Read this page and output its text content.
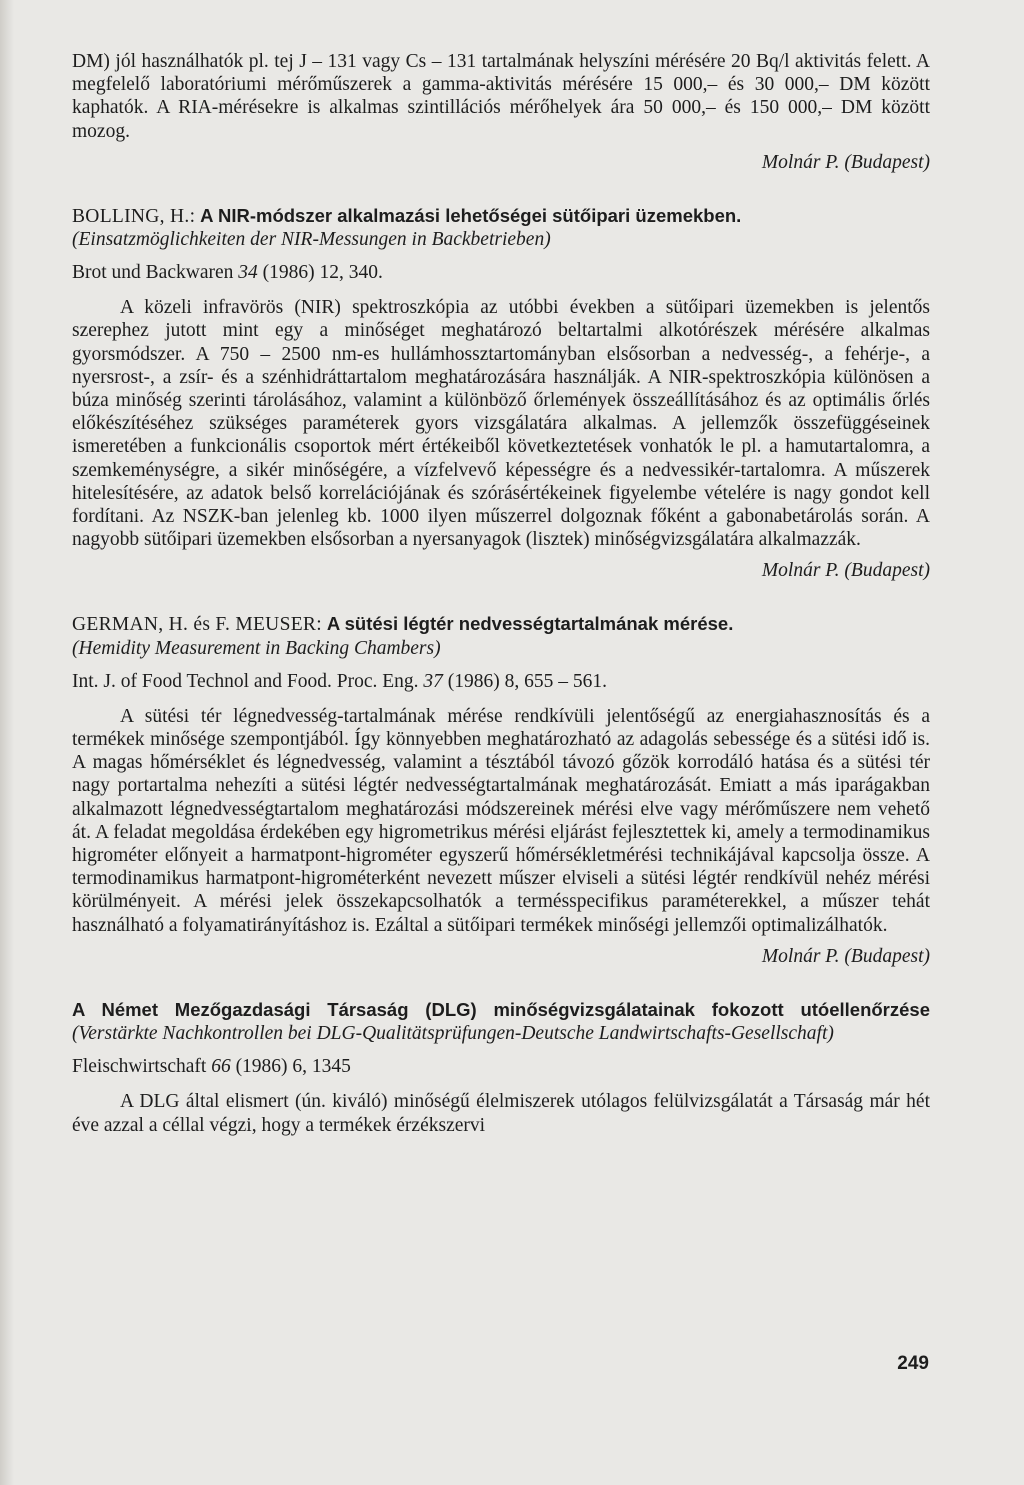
DM) jól használhatók pl. tej J – 131 vagy Cs – 131 tartalmának helyszíni mérésére 20 Bq/l aktivitás felett. A megfelelő laboratóriumi mérőműszerek a gamma-aktivitás mérésére 15 000,– és 30 000,– DM között kaphatók. A RIA-mérésekre is alkalmas szintillációs mérőhelyek ára 50 000,– és 150 000,– DM között mozog.

Molnár P. (Budapest)

BOLLING, H.: A NIR-módszer alkalmazási lehetőségei sütőipari üzemekben.
(Einsatzmöglichkeiten der NIR-Messungen in Backbetrieben)

Brot und Backwaren 34 (1986) 12, 340.

A közeli infravörös (NIR) spektroszkópia az utóbbi években a sütőipari üzemekben is jelentős szerephez jutott mint egy a minőséget meghatározó beltartalmi alkotórészek mérésére alkalmas gyorsmódszer. A 750 – 2500 nm-es hullámhossztartományban elsősorban a nedvesség-, a fehérje-, a nyersrost-, a zsír- és a szénhidráttartalom meghatározására használják. A NIR-spektroszkópia különösen a búza minőség szerinti tárolásához, valamint a különböző őrlemények összeállításához és az optimális őrlés előkészítéséhez szükséges paraméterek gyors vizsgálatára alkalmas. A jellemzők összefüggéseinek ismeretében a funkcionális csoportok mért értékeiből következtetések vonhatók le pl. a hamutartalomra, a szemkeménységre, a sikér minőségére, a vízfelvevő képességre és a nedvessikér-tartalomra. A műszerek hitelesítésére, az adatok belső korrelációjának és szórásértékeinek figyelembe vételére is nagy gondot kell fordítani. Az NSZK-ban jelenleg kb. 1000 ilyen műszerrel dolgoznak főként a gabonabetárolás során. A nagyobb sütőipari üzemekben elsősorban a nyersanyagok (lisztek) minőségvizsgálatára alkalmazzák.

Molnár P. (Budapest)

GERMAN, H. és F. MEUSER: A sütési légtér nedvességtartalmának mérése.
(Hemidity Measurement in Backing Chambers)

Int. J. of Food Technol and Food. Proc. Eng. 37 (1986) 8, 655 – 561.

A sütési tér légnedvesség-tartalmának mérése rendkívüli jelentőségű az energiahasznosítás és a termékek minősége szempontjából. Így könnyebben meghatározható az adagolás sebessége és a sütési idő is. A magas hőmérséklet és légnedvesség, valamint a tésztából távozó gőzök korrodáló hatása és a sütési tér nagy portartalma nehezíti a sütési légtér nedvességtartalmának meghatározását. Emiatt a más iparágakban alkalmazott légnedvességtartalom meghatározási módszereinek mérési elve vagy mérőműszere nem vehető át. A feladat megoldása érdekében egy higrometrikus mérési eljárást fejlesztettek ki, amely a termodinamikus higrométer előnyeit a harmatpont-higrométer egyszerű hőmérsékletmérési technikájával kapcsolja össze. A termodinamikus harmatpont-higrométerként nevezett műszer elviseli a sütési légtér rendkívül nehéz mérési körülményeit. A mérési jelek összekapcsolhatók a termésspecifikus paraméterekkel, a műszer tehát használható a folyamatirányításhoz is. Ezáltal a sütőipari termékek minőségi jellemzői optimalizálhatók.

Molnár P. (Budapest)

A Német Mezőgazdasági Társaság (DLG) minőségvizsgálatainak fokozott utóellenőrzése (Verstärkte Nachkontrollen bei DLG-Qualitätsprüfungen-Deutsche Landwirtschafts-Gesellschaft)

Fleischwirtschaft 66 (1986) 6, 1345

A DLG által elismert (ún. kiváló) minőségű élelmiszerek utólagos felülvizsgálatát a Társaság már hét éve azzal a céllal végzi, hogy a termékek érzékszervi

249
